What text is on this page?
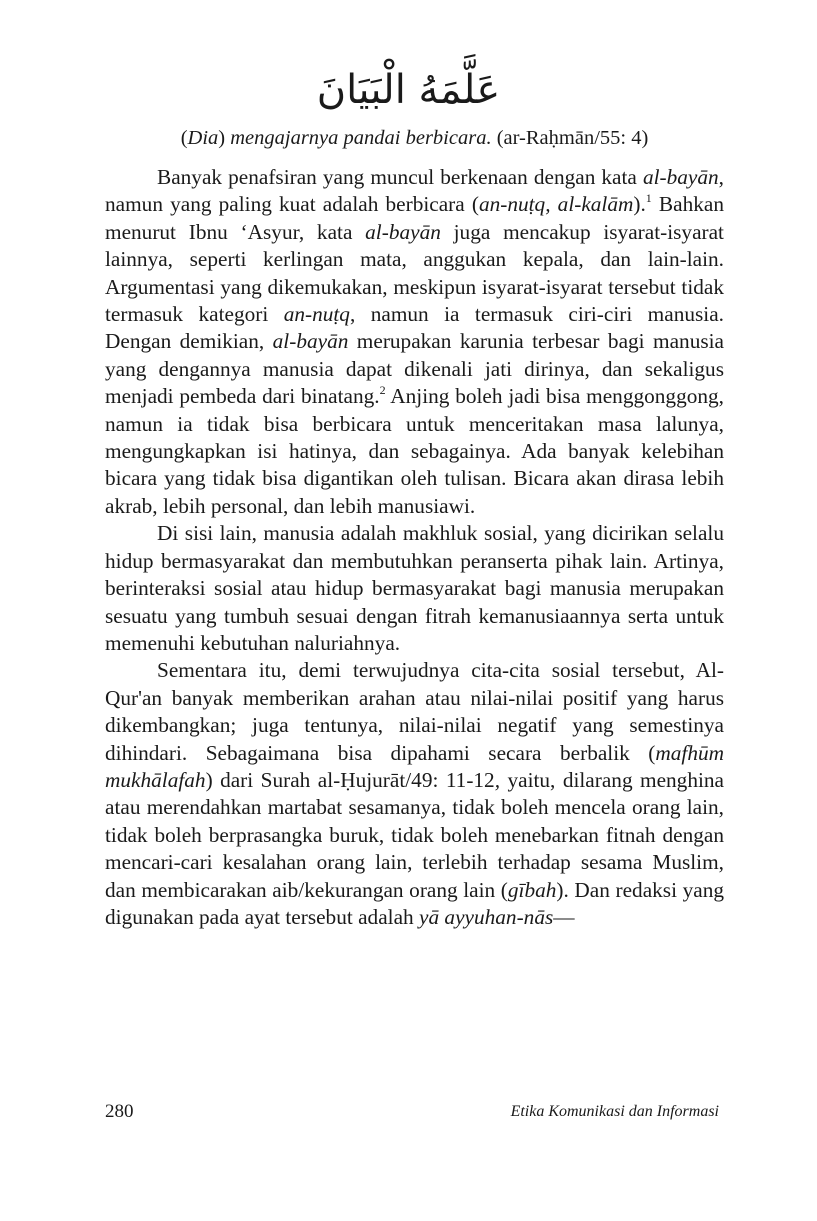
عَلَّمَهُ الْبَيَانَ
(Dia) mengajarnya pandai berbicara. (ar-Raḥmān/55: 4)

Banyak penafsiran yang muncul berkenaan dengan kata al-bayān, namun yang paling kuat adalah berbicara (an-nuṭq, al-kalām).$^1$ Bahkan menurut Ibnu ‘Asyur, kata al-bayān juga mencakup isyarat-isyarat lainnya, seperti kerlingan mata, anggukan kepala, dan lain-lain. Argumentasi yang dikemukakan, meskipun isyarat-isyarat tersebut tidak termasuk kategori an-nuṭq, namun ia termasuk ciri-ciri manusia. Dengan demikian, al-bayān merupakan karunia terbesar bagi manusia yang dengannya manusia dapat dikenali jati dirinya, dan sekaligus menjadi pembeda dari binatang.$^2$ Anjing boleh jadi bisa menggonggong, namun ia tidak bisa berbicara untuk menceritakan masa lalunya, mengungkapkan isi hatinya, dan sebagainya. Ada banyak kelebihan bicara yang tidak bisa digantikan oleh tulisan. Bicara akan dirasa lebih akrab, lebih personal, dan lebih manusiawi.

Di sisi lain, manusia adalah makhluk sosial, yang dicirikan selalu hidup bermasyarakat dan membutuhkan peranserta pihak lain. Artinya, berinteraksi sosial atau hidup bermasyarakat bagi manusia merupakan sesuatu yang tumbuh sesuai dengan fitrah kemanusiaannya serta untuk memenuhi kebutuhan naluriahnya.

Sementara itu, demi terwujudnya cita-cita sosial tersebut, Al-Qur'an banyak memberikan arahan atau nilai-nilai positif yang harus dikembangkan; juga tentunya, nilai-nilai negatif yang semestinya dihindari. Sebagaimana bisa dipahami secara berbalik (mafhūm mukhālafah) dari Surah al-Ḥujurāt/49: 11-12, yaitu, dilarang menghina atau merendahkan martabat sesamanya, tidak boleh mencela orang lain, tidak boleh berprasangka buruk, tidak boleh menebarkan fitnah dengan mencari-cari kesalahan orang lain, terlebih terhadap sesama Muslim, dan membicarakan aib/kekurangan orang lain (gībah). Dan redaksi yang digunakan pada ayat tersebut adalah yā ayyuhan-nās—

280	Etika Komunikasi dan Informasi
